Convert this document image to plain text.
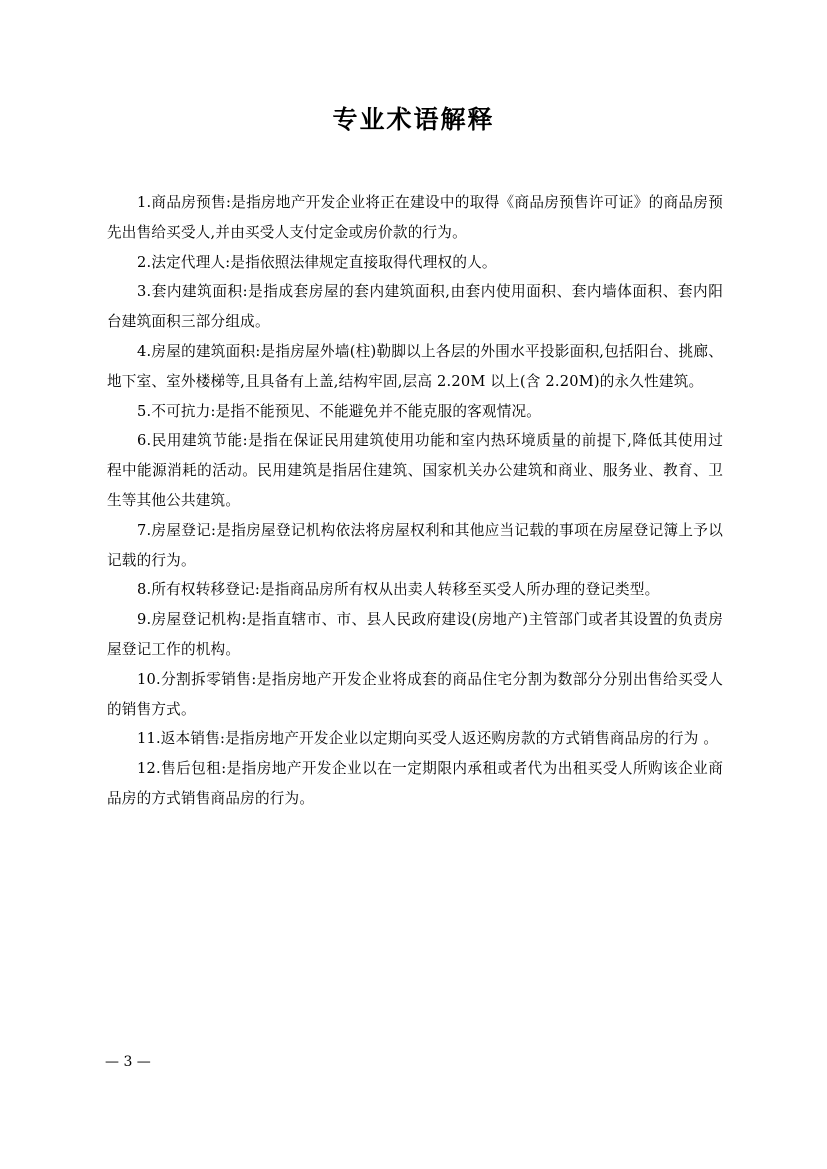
专业术语解释

1.商品房预售:是指房地产开发企业将正在建设中的取得《商品房预售许可证》的商品房预先出售给买受人,并由买受人支付定金或房价款的行为。

2.法定代理人:是指依照法律规定直接取得代理权的人。

3.套内建筑面积:是指成套房屋的套内建筑面积,由套内使用面积、套内墙体面积、套内阳台建筑面积三部分组成。

4.房屋的建筑面积:是指房屋外墙(柱)勒脚以上各层的外围水平投影面积,包括阳台、挑廊、地下室、室外楼梯等,且具备有上盖,结构牢固,层高 2.20M 以上(含 2.20M)的永久性建筑。

5.不可抗力:是指不能预见、不能避免并不能克服的客观情况。

6.民用建筑节能:是指在保证民用建筑使用功能和室内热环境质量的前提下,降低其使用过程中能源消耗的活动。民用建筑是指居住建筑、国家机关办公建筑和商业、服务业、教育、卫生等其他公共建筑。

7.房屋登记:是指房屋登记机构依法将房屋权利和其他应当记载的事项在房屋登记簿上予以记载的行为。

8.所有权转移登记:是指商品房所有权从出卖人转移至买受人所办理的登记类型。

9.房屋登记机构:是指直辖市、市、县人民政府建设(房地产)主管部门或者其设置的负责房屋登记工作的机构。

10.分割拆零销售:是指房地产开发企业将成套的商品住宅分割为数部分分别出售给买受人的销售方式。

11.返本销售:是指房地产开发企业以定期向买受人返还购房款的方式销售商品房的行为 。

12.售后包租:是指房地产开发企业以在一定期限内承租或者代为出租买受人所购该企业商品房的方式销售商品房的行为。

— 3 —
